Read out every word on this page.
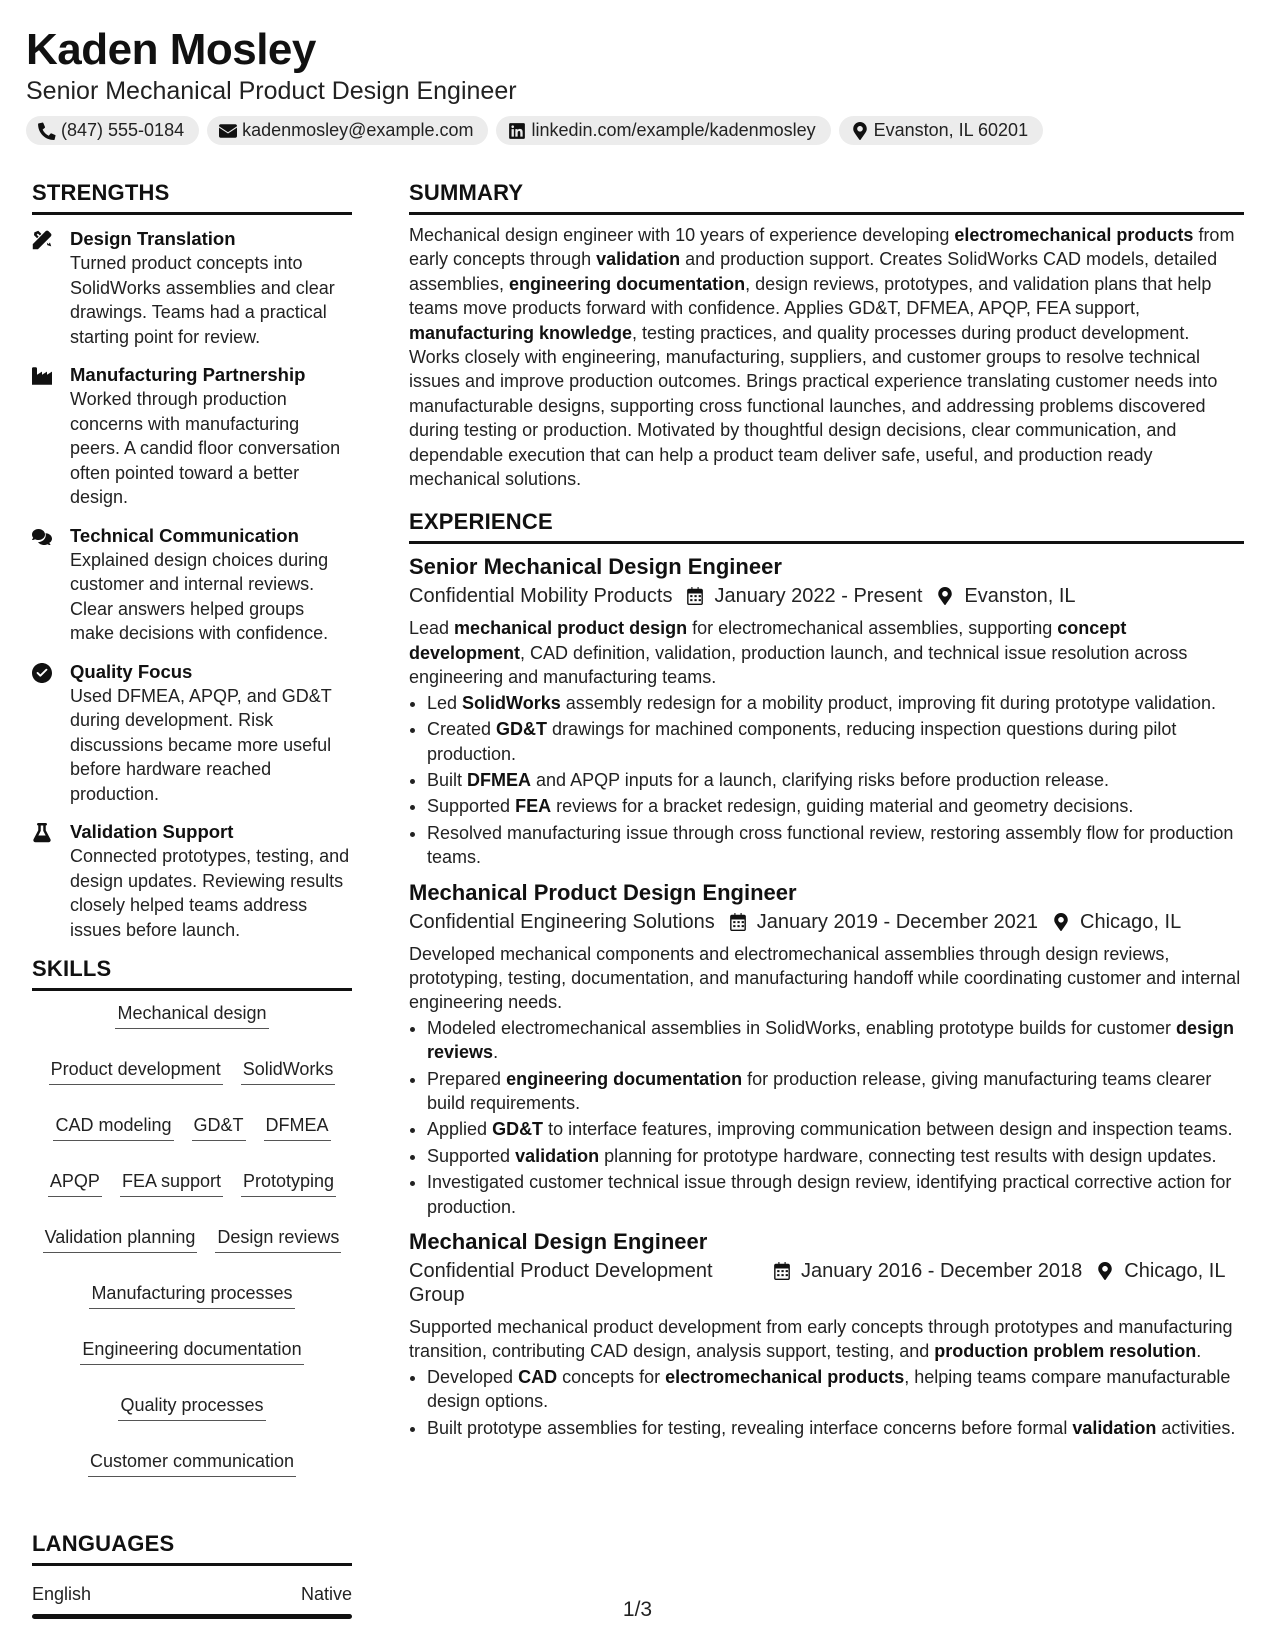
Kaden Mosley
Senior Mechanical Product Design Engineer
(847) 555-0184	kadenmosley@example.com	linkedin.com/example/kadenmosley	Evanston, IL 60201
STRENGTHS
Design Translation
Turned product concepts into SolidWorks assemblies and clear drawings. Teams had a practical starting point for review.
Manufacturing Partnership
Worked through production concerns with manufacturing peers. A candid floor conversation often pointed toward a better design.
Technical Communication
Explained design choices during customer and internal reviews. Clear answers helped groups make decisions with confidence.
Quality Focus
Used DFMEA, APQP, and GD&T during development. Risk discussions became more useful before hardware reached production.
Validation Support
Connected prototypes, testing, and design updates. Reviewing results closely helped teams address issues before launch.
SKILLS
Mechanical design
Product development SolidWorks
CAD modeling GD&T DFMEA
APQP FEA support Prototyping
Validation planning Design reviews
Manufacturing processes
Engineering documentation
Quality processes
Customer communication
LANGUAGES
English	Native
SUMMARY
Mechanical design engineer with 10 years of experience developing electromechanical products from early concepts through validation and production support. Creates SolidWorks CAD models, detailed assemblies, engineering documentation, design reviews, prototypes, and validation plans that help teams move products forward with confidence. Applies GD&T, DFMEA, APQP, FEA support, manufacturing knowledge, testing practices, and quality processes during product development. Works closely with engineering, manufacturing, suppliers, and customer groups to resolve technical issues and improve production outcomes. Brings practical experience translating customer needs into manufacturable designs, supporting cross functional launches, and addressing problems discovered during testing or production. Motivated by thoughtful design decisions, clear communication, and dependable execution that can help a product team deliver safe, useful, and production ready mechanical solutions.
EXPERIENCE
Senior Mechanical Design Engineer
Confidential Mobility Products January 2022 - Present Evanston, IL
Lead mechanical product design for electromechanical assemblies, supporting concept development, CAD definition, validation, production launch, and technical issue resolution across engineering and manufacturing teams.
• Led SolidWorks assembly redesign for a mobility product, improving fit during prototype validation.
• Created GD&T drawings for machined components, reducing inspection questions during pilot production.
• Built DFMEA and APQP inputs for a launch, clarifying risks before production release.
• Supported FEA reviews for a bracket redesign, guiding material and geometry decisions.
• Resolved manufacturing issue through cross functional review, restoring assembly flow for production teams.
Mechanical Product Design Engineer
Confidential Engineering Solutions January 2019 - December 2021 Chicago, IL
Developed mechanical components and electromechanical assemblies through design reviews, prototyping, testing, documentation, and manufacturing handoff while coordinating customer and internal engineering needs.
• Modeled electromechanical assemblies in SolidWorks, enabling prototype builds for customer design reviews.
• Prepared engineering documentation for production release, giving manufacturing teams clearer build requirements.
• Applied GD&T to interface features, improving communication between design and inspection teams.
• Supported validation planning for prototype hardware, connecting test results with design updates.
• Investigated customer technical issue through design review, identifying practical corrective action for production.
Mechanical Design Engineer
Confidential Product Development Group
January 2016 - December 2018 Chicago, IL
Supported mechanical product development from early concepts through prototypes and manufacturing transition, contributing CAD design, analysis support, testing, and production problem resolution.
• Developed CAD concepts for electromechanical products, helping teams compare manufacturable design options.
• Built prototype assemblies for testing, revealing interface concerns before formal validation activities.
1/3
